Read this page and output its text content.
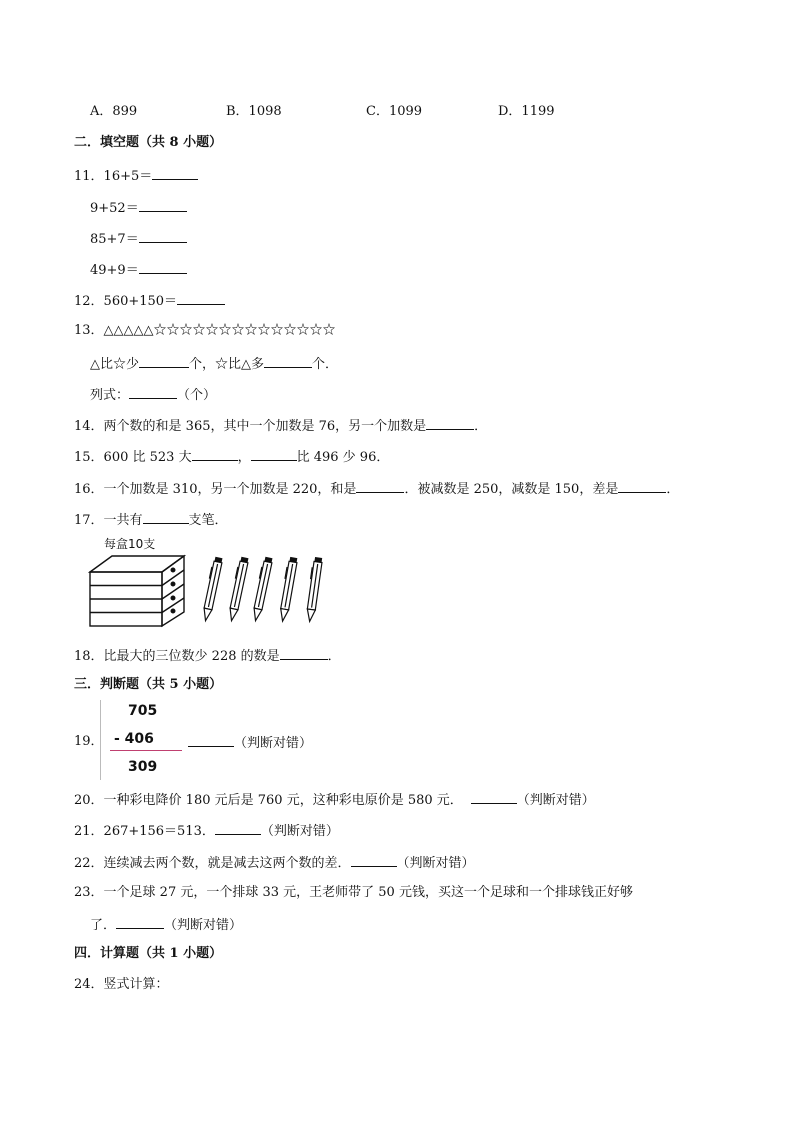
A．899	B．1098	C．1099	D．1199
二．填空题（共 8 小题）
11．16+5＝
9+52＝
85+7＝
49+9＝
12．560+150＝
13．△△△△△☆☆☆☆☆☆☆☆☆☆☆☆☆☆
△比☆少	个，☆比△多	个．
列式：	（个）
14．两个数的和是 365，其中一个加数是 76，另一个加数是	．
15．600 比 523 大	，	比 496 少 96．
16．一个加数是 310，另一个加数是 220，和是	．被减数是 250，减数是 150，差是	．
17．一共有	支笔．
每盒10支
18．比最大的三位数少 228 的数是	．
三．判断题（共 5 小题）
19．
705
- 406
309
（判断对错）
20．一种彩电降价 180 元后是 760 元，这种彩电原价是 580 元．	（判断对错）
21．267+156＝513．	（判断对错）
22．连续减去两个数，就是减去这两个数的差．	（判断对错）
23．一个足球 27 元，一个排球 33 元，王老师带了 50 元钱，买这一个足球和一个排球钱正好够
了．	（判断对错）
四．计算题（共 1 小题）
24．竖式计算：
